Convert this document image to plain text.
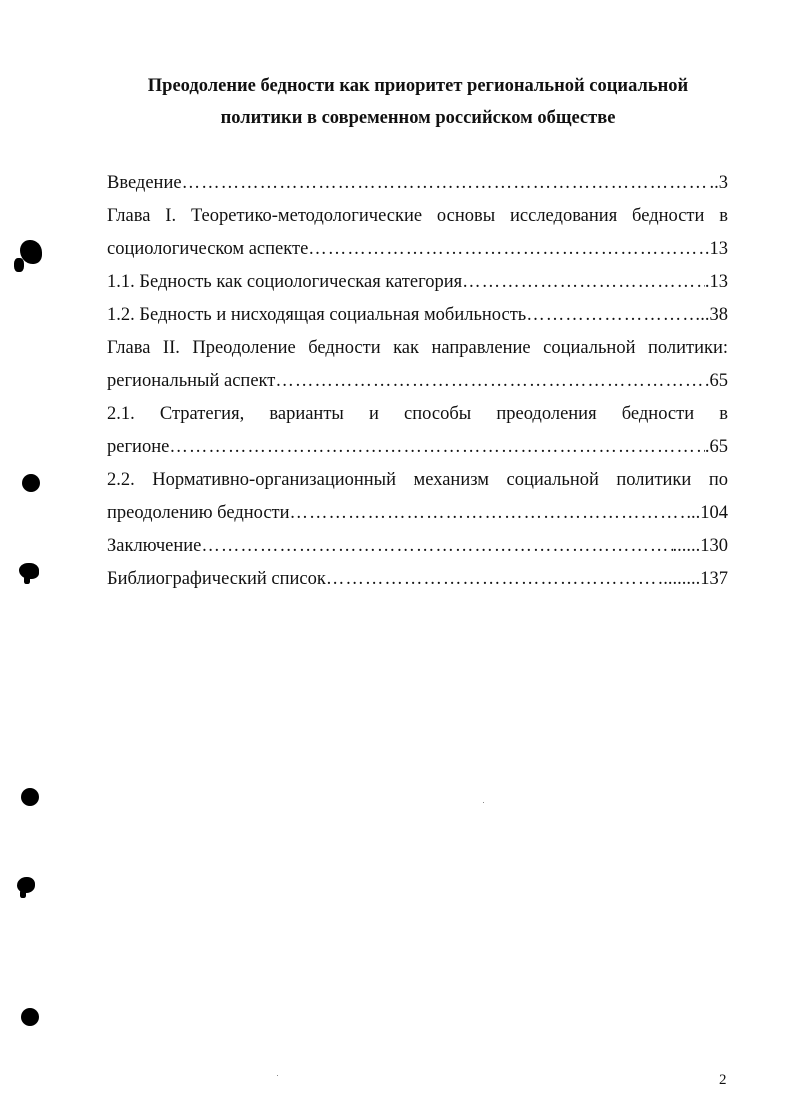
Преодоление бедности как приоритет региональной социальной
политики в современном российском обществе
Введение ……………………………………………………………………………………………………………………………………	..3
Глава I. Теоретико-методологические основы исследования бедности в
социологическом аспекте ……………………………………………………………………………………………………………………………………	.13
1.1. Бедность как социологическая категория ……………………………………………………………………………………………………………………………………	.13
1.2. Бедность и нисходящая социальная мобильность ……………………………………………………………………………………………………………………………………	..38
Глава II. Преодоление бедности как направление социальной политики:
региональный аспект ……………………………………………………………………………………………………………………………………	.65
2.1. Стратегия, варианты и способы преодоления бедности в
регионе ……………………………………………………………………………………………………………………………………	.65
2.2. Нормативно-организационный механизм социальной политики по
преодолению бедности ……………………………………………………………………………………………………………………………………	..104
Заключение ……………………………………………………………………………………………………………………………………	......130
Библиографический список ……………………………………………………………………………………………………………………………………	........137
2
